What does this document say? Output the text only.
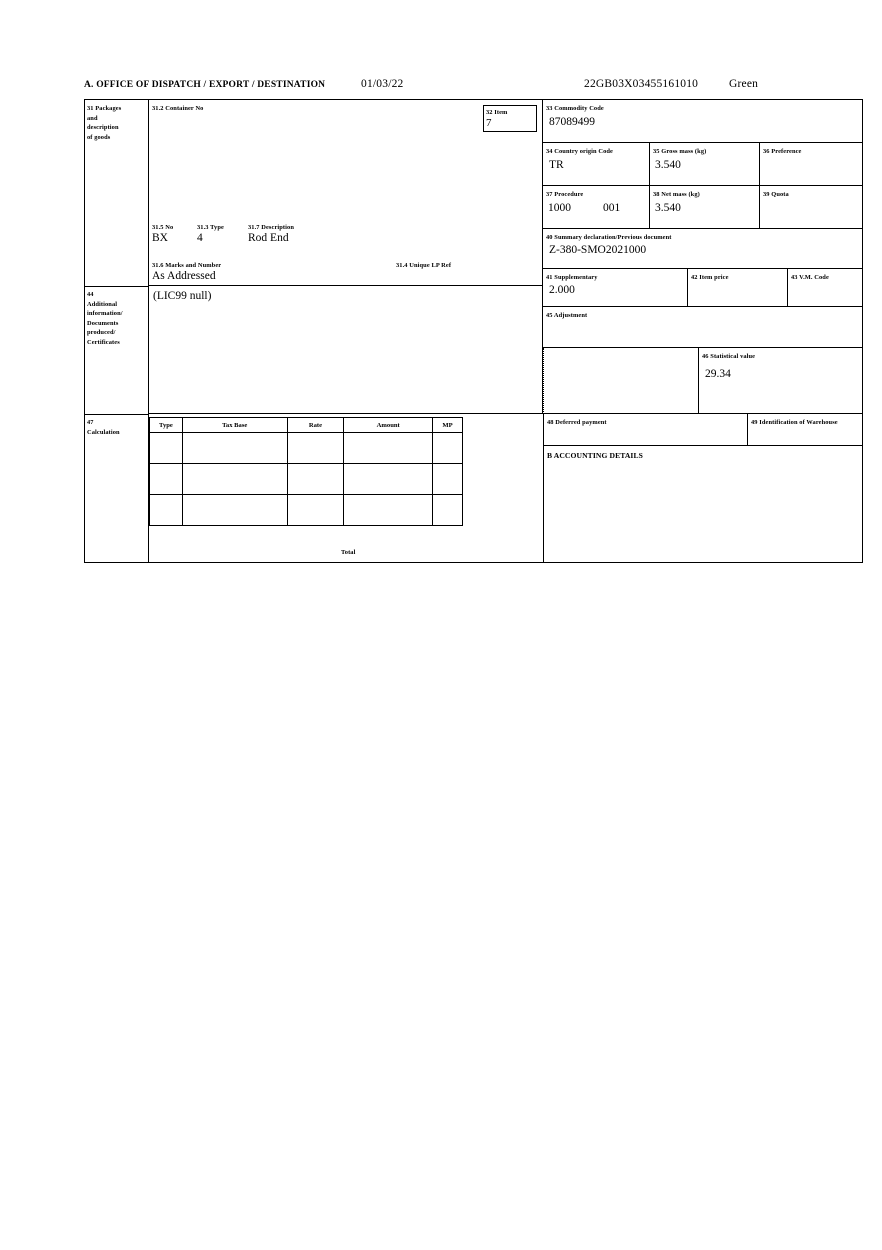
A. OFFICE OF DISPATCH / EXPORT / DESTINATION	01/03/22	22GB03X03455161010	Green
31 Packages
and
description
of goods
44
Additional
information/
Documents
produced/
Certificates
47
Calculation
31.2 Container No
31.5 No	31.3 Type	31.7 Description
BX	4	Rod End
31.6 Marks and Number
As Addressed
31.4 Unique LP Ref
32 Item
7
33 Commodity Code
87089499
34 Country origin Code
TR
35 Gross mass (kg)
3.540
36 Preference
37 Procedure
1000	001
38 Net mass (kg)
3.540
39 Quota
40 Summary declaration/Previous document
Z-380-SMO2021000
41 Supplementary
2.000
42 Item price	43 V.M. Code
(LIC99 null)
45 Adjustment
46 Statistical value
29.34
Type	Tax Base	Rate	Amount	MP

Total
48 Deferred payment	49 Identification of Warehouse
B ACCOUNTING DETAILS
